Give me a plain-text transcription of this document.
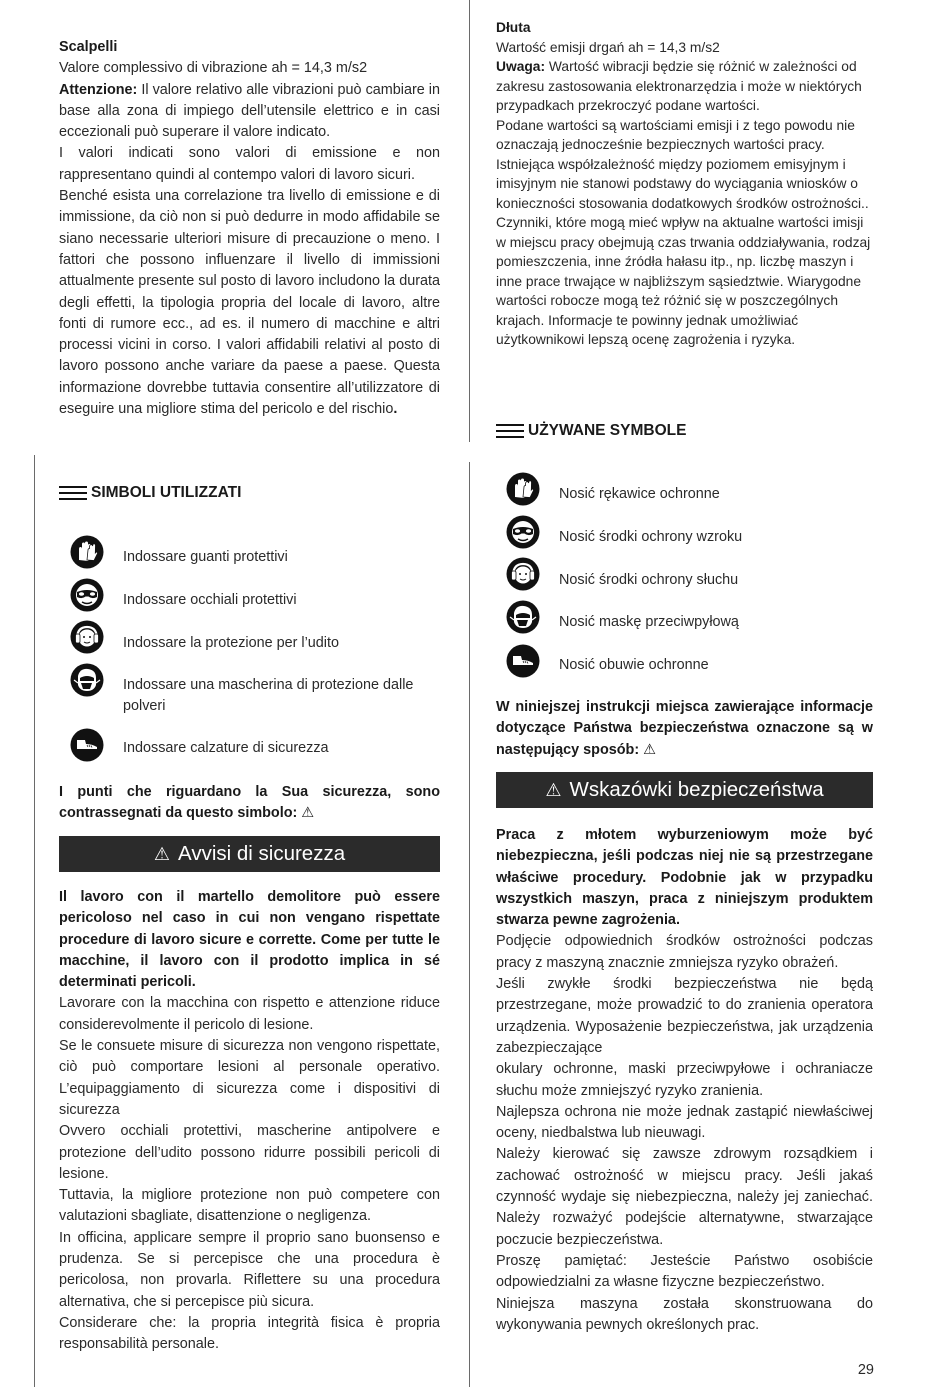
Scalpelli

Valore complessivo di vibrazione ah = 14,3 m/s2

Attenzione: Il valore relativo alle vibrazioni può cambiare in base alla zona di impiego dell’utensile elettrico e in casi eccezionali può superare il valore indicato.

I valori indicati sono valori di emissione e non rappresentano quindi al contempo valori di lavoro sicuri.

Benché esista una correlazione tra livello di emissione e di immissione, da ciò non si può dedurre in modo affidabile se siano necessarie ulteriori misure di precauzione o meno. I fattori che possono influenzare il livello di immissioni attualmente presente sul posto di lavoro includono la durata degli effetti, la tipologia propria del locale di lavoro, altre fonti di rumore ecc., ad es. il numero di macchine e altri processi vicini in corso. I valori affidabili relativi al posto di lavoro possono anche variare da paese a paese. Questa informazione dovrebbe tuttavia consentire all’utilizzatore di eseguire una migliore stima del pericolo e del rischio.

SIMBOLI UTILIZZATI
Indossare guanti protettivi
Indossare occhiali protettivi
Indossare la protezione per l’udito
Indossare una mascherina di protezione dalle polveri
Indossare calzature di sicurezza

I punti che riguardano la Sua sicurezza, sono contrassegnati da questo simbolo: ⚠

⚠ Avvisi di sicurezza

Il lavoro con il martello demolitore può essere pericoloso nel caso in cui non vengano rispettate procedure di lavoro sicure e corrette. Come per tutte le macchine, il lavoro con il prodotto implica in sé determinati pericoli.

Lavorare con la macchina con rispetto e attenzione riduce considerevolmente il pericolo di lesione.

Se le consuete misure di sicurezza non vengono rispettate, ciò può comportare lesioni al personale operativo. L’equipaggiamento di sicurezza come i dispositivi di sicurezza

Ovvero occhiali protettivi, mascherine antipolvere e protezione dell’udito possono ridurre possibili pericoli di lesione.

Tuttavia, la migliore protezione non può competere con valutazioni sbagliate, disattenzione o negligenza.

In officina, applicare sempre il proprio sano buonsenso e prudenza. Se si percepisce che una procedura è pericolosa, non provarla. Riflettere su una procedura alternativa, che si percepisce più sicura.

Considerare che: la propria integrità fisica è propria responsabilità personale.

Dłuta

Wartość emisji drgań ah = 14,3 m/s2

Uwaga: Wartość wibracji będzie się różnić w zależności od zakresu zastosowania elektronarzędzia i może w niektórych przypadkach przekroczyć podane wartości.

Podane wartości są wartościami emisji i z tego powodu nie oznaczają jednocześnie bezpiecznych wartości pracy.

Istniejąca współzależność między poziomem emisyjnym i imisyjnym nie stanowi podstawy do wyciągania wniosków o konieczności stosowania dodatkowych środków ostrożności.. Czynniki, które mogą mieć wpływ na aktualne wartości imisji w miejscu pracy obejmują czas trwania oddziaływania, rodzaj pomieszczenia, inne źródła hałasu itp., np. liczbę maszyn i inne prace trwające w najbliższym sąsiedztwie. Wiarygodne wartości robocze mogą też różnić się w poszczególnych krajach. Informacje te powinny jednak umożliwiać użytkownikowi lepszą ocenę zagrożenia i ryzyka.

UŻYWANE SYMBOLE
Nosić rękawice ochronne
Nosić środki ochrony wzroku
Nosić środki ochrony słuchu
Nosić maskę przeciwpyłową
Nosić obuwie ochronne

W niniejszej instrukcji miejsca zawierające informacje dotyczące Państwa bezpieczeństwa oznaczone są w następujący sposób: ⚠

⚠ Wskazówki bezpieczeństwa

Praca z młotem wyburzeniowym może być niebezpieczna, jeśli podczas niej nie są przestrzegane właściwe procedury. Podobnie jak w przypadku wszystkich maszyn, praca z niniejszym produktem stwarza pewne zagrożenia.

Podjęcie odpowiednich środków ostrożności podczas pracy z maszyną znacznie zmniejsza ryzyko obrażeń.

Jeśli zwykłe środki bezpieczeństwa nie będą przestrzegane, może prowadzić to do zranienia operatora urządzenia. Wyposażenie bezpieczeństwa, jak urządzenia zabezpieczające

okulary ochronne, maski przeciwpyłowe i ochraniacze słuchu może zmniejszyć ryzyko zranienia.

Najlepsza ochrona nie może jednak zastąpić niewłaściwej oceny, niedbalstwa lub nieuwagi.

Należy kierować się zawsze zdrowym rozsądkiem i zachować ostrożność w miejscu pracy. Jeśli jakaś czynność wydaje się niebezpieczna, należy jej zaniechać. Należy rozważyć podejście alternatywne, stwarzające poczucie bezpieczeństwa.

Proszę pamiętać: Jesteście Państwo osobiście odpowiedzialni za własne fizyczne bezpieczeństwo.

Niniejsza maszyna została skonstruowana do wykonywania pewnych określonych prac.

29
